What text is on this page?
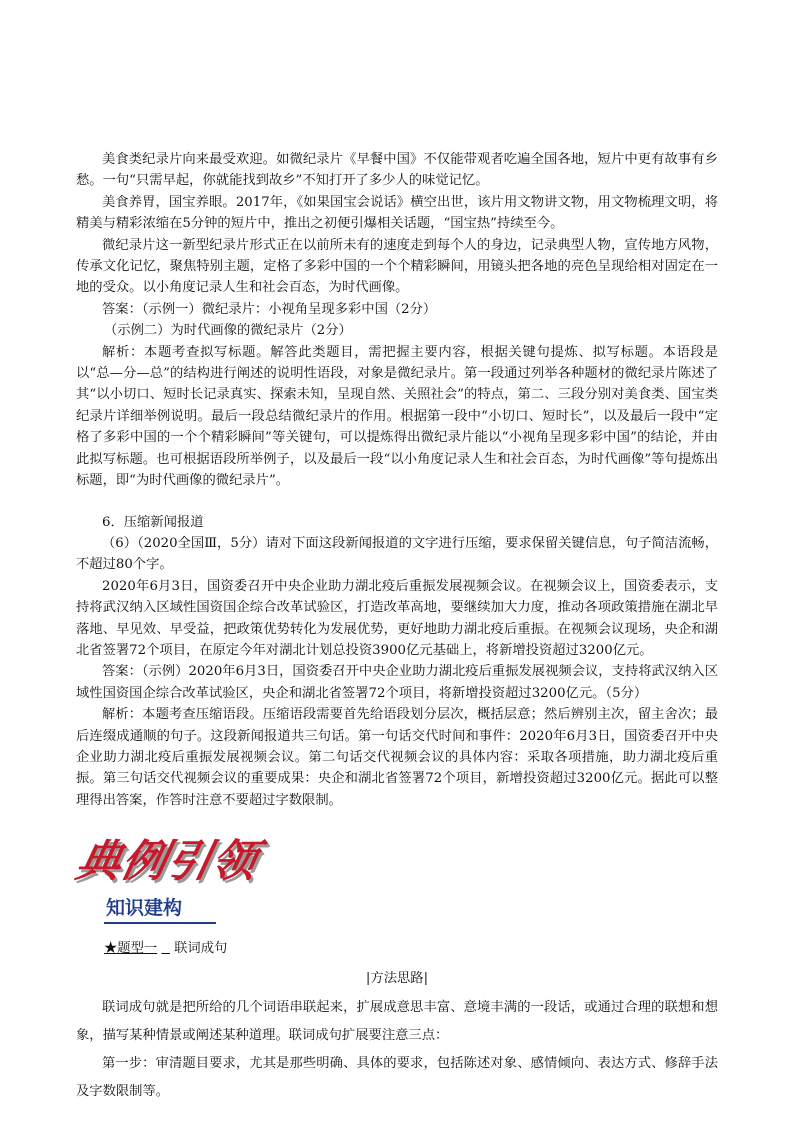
美食类纪录片向来最受欢迎。如微纪录片《早餐中国》不仅能带观者吃遍全国各地，短片中更有故事有乡愁。一句“只需早起，你就能找到故乡”不知打开了多少人的味觉记忆。

美食养胃，国宝养眼。2017年，《如果国宝会说话》横空出世，该片用文物讲文物，用文物梳理文明，将精美与精彩浓缩在5分钟的短片中，推出之初便引爆相关话题，“国宝热”持续至今。

微纪录片这一新型纪录片形式正在以前所未有的速度走到每个人的身边，记录典型人物，宣传地方风物，传承文化记忆，聚焦特别主题，定格了多彩中国的一个个精彩瞬间，用镜头把各地的亮色呈现给相对固定在一地的受众。以小角度记录人生和社会百态，为时代画像。

答案：（示例一）微纪录片：小视角呈现多彩中国（2分）

（示例二）为时代画像的微纪录片（2分）

解析：本题考查拟写标题。解答此类题目，需把握主要内容，根据关键句提炼、拟写标题。本语段是以“总—分—总”的结构进行阐述的说明性语段，对象是微纪录片。第一段通过列举各种题材的微纪录片陈述了其“以小切口、短时长记录真实、探索未知，呈现自然、关照社会”的特点，第二、三段分别对美食类、国宝类纪录片详细举例说明。最后一段总结微纪录片的作用。根据第一段中“小切口、短时长”，以及最后一段中“定格了多彩中国的一个个精彩瞬间”等关键句，可以提炼得出微纪录片能以“小视角呈现多彩中国”的结论，并由此拟写标题。也可根据语段所举例子，以及最后一段“以小角度记录人生和社会百态，为时代画像”等句提炼出标题，即“为时代画像的微纪录片”。

6．压缩新闻报道

（6）（2020全国Ⅲ，5分）请对下面这段新闻报道的文字进行压缩，要求保留关键信息，句子简洁流畅，不超过80个字。

2020年6月3日，国资委召开中央企业助力湖北疫后重振发展视频会议。在视频会议上，国资委表示，支持将武汉纳入区域性国资国企综合改革试验区，打造改革高地，要继续加大力度，推动各项政策措施在湖北早落地、早见效、早受益，把政策优势转化为发展优势，更好地助力湖北疫后重振。在视频会议现场，央企和湖北省签署72个项目，在原定今年对湖北计划总投资3900亿元基础上，将新增投资超过3200亿元。

答案：（示例）2020年6月3日，国资委召开中央企业助力湖北疫后重振发展视频会议，支持将武汉纳入区域性国资国企综合改革试验区，央企和湖北省签署72个项目，将新增投资超过3200亿元。（5分）

解析：本题考查压缩语段。压缩语段需要首先给语段划分层次，概括层意；然后辨别主次，留主舍次；最后连缀成通顺的句子。这段新闻报道共三句话。第一句话交代时间和事件：2020年6月3日，国资委召开中央企业助力湖北疫后重振发展视频会议。第二句话交代视频会议的具体内容：采取各项措施，助力湖北疫后重振。第三句话交代视频会议的重要成果：央企和湖北省签署72个项目，新增投资超过3200亿元。据此可以整理得出答案，作答时注意不要超过字数限制。

典例引领
知识建构
★题型一 联词成句
|方法思路|

联词成句就是把所给的几个词语串联起来，扩展成意思丰富、意境丰满的一段话，或通过合理的联想和想象，描写某种情景或阐述某种道理。联词成句扩展要注意三点：

第一步：审清题目要求，尤其是那些明确、具体的要求，包括陈述对象、感情倾向、表达方式、修辞手法及字数限制等。
